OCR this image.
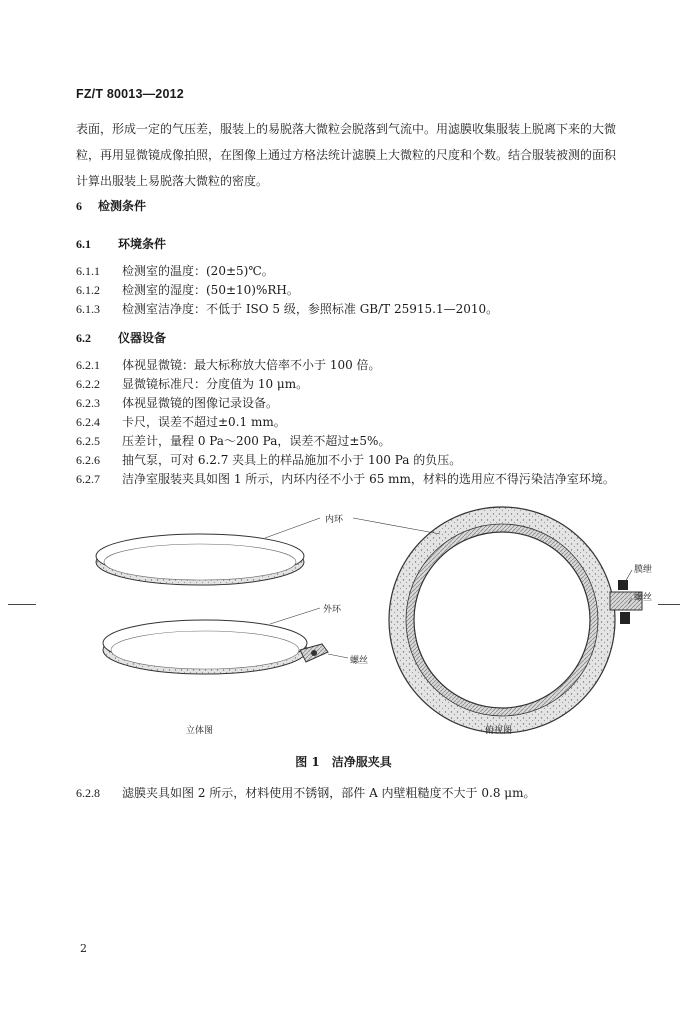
FZ/T 80013—2012
表面，形成一定的气压差，服装上的易脱落大微粒会脱落到气流中。用滤膜收集服装上脱离下来的大微
粒，再用显微镜成像拍照，在图像上通过方格法统计滤膜上大微粒的尺度和个数。结合服装被测的面积
计算出服装上易脱落大微粒的密度。
6 检测条件
6.1 环境条件
6.1.1 检测室的温度：(20±5)℃。
6.1.2 检测室的湿度：(50±10)%RH。
6.1.3 检测室洁净度：不低于 ISO 5 级，参照标准 GB/T 25915.1—2010。
6.2 仪器设备
6.2.1 体视显微镜：最大标称放大倍率不小于 100 倍。
6.2.2 显微镜标准尺：分度值为 10 μm。
6.2.3 体视显微镜的图像记录设备。
6.2.4 卡尺，误差不超过±0.1 mm。
6.2.5 压差计，量程 0 Pa～200 Pa，误差不超过±5%。
6.2.6 抽气泵，可对 6.2.7 夹具上的样品施加不小于 100 Pa 的负压。
6.2.7 洁净室服装夹具如图 1 所示，内环内径不小于 65 mm，材料的选用应不得污染洁净室环境。
内环
外环
螺丝
膜绁
螺丝
立体图	俯视图
图 1　洁净服夹具
6.2.8 滤膜夹具如图 2 所示，材料使用不锈钢，部件 A 内壁粗糙度不大于 0.8 μm。
2
